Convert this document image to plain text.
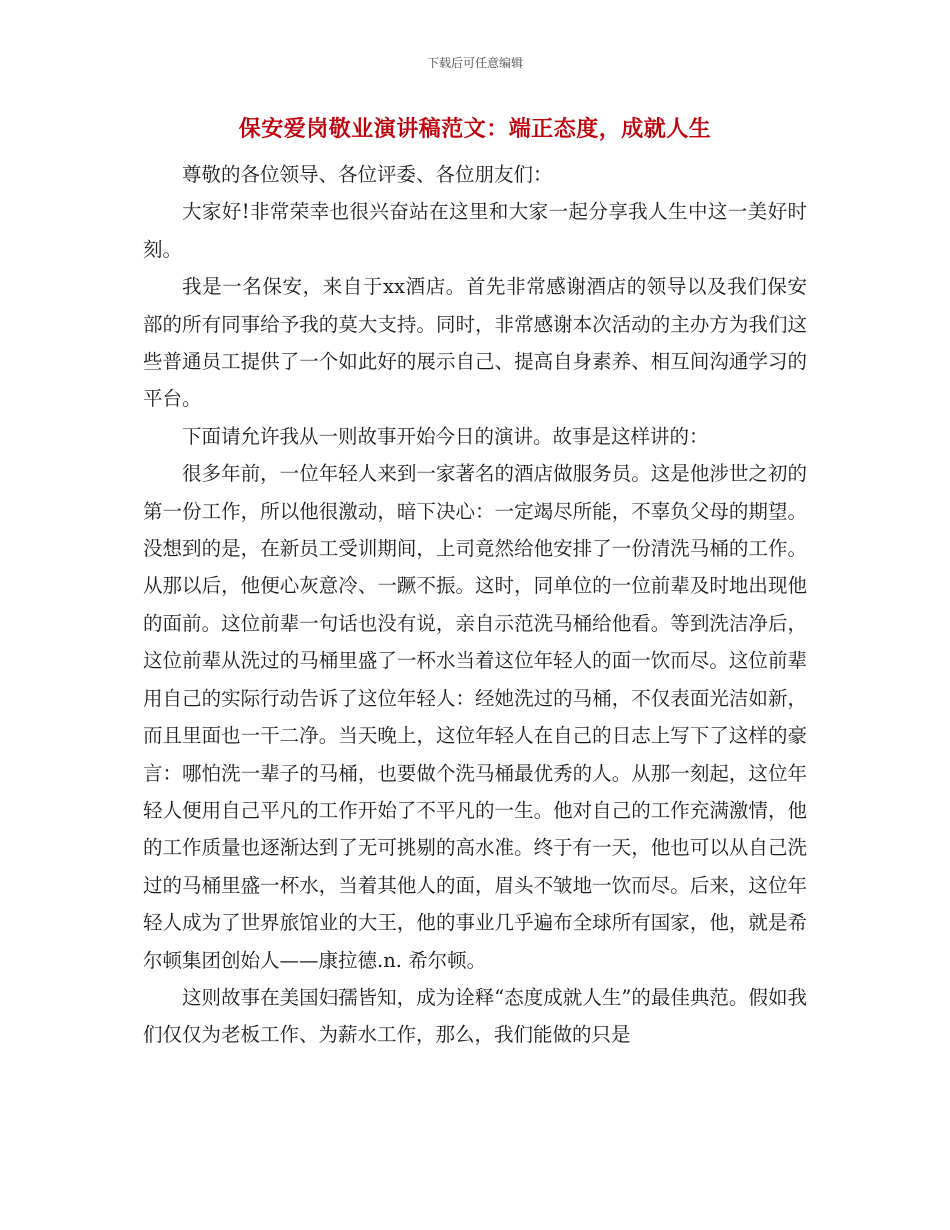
下载后可任意编辑
保安爱岗敬业演讲稿范文：端正态度，成就人生

尊敬的各位领导、各位评委、各位朋友们：

大家好!非常荣幸也很兴奋站在这里和大家一起分享我人生中这一美好时刻。

我是一名保安，来自于xx酒店。首先非常感谢酒店的领导以及我们保安部的所有同事给予我的莫大支持。同时，非常感谢本次活动的主办方为我们这些普通员工提供了一个如此好的展示自己、提高自身素养、相互间沟通学习的平台。

下面请允许我从一则故事开始今日的演讲。故事是这样讲的：

很多年前，一位年轻人来到一家著名的酒店做服务员。这是他涉世之初的第一份工作，所以他很激动，暗下决心：一定竭尽所能，不辜负父母的期望。没想到的是，在新员工受训期间，上司竟然给他安排了一份清洗马桶的工作。从那以后，他便心灰意冷、一蹶不振。这时，同单位的一位前辈及时地出现他的面前。这位前辈一句话也没有说，亲自示范洗马桶给他看。等到洗洁净后，这位前辈从洗过的马桶里盛了一杯水当着这位年轻人的面一饮而尽。这位前辈用自己的实际行动告诉了这位年轻人：经她洗过的马桶，不仅表面光洁如新，而且里面也一干二净。当天晚上，这位年轻人在自己的日志上写下了这样的豪言：哪怕洗一辈子的马桶，也要做个洗马桶最优秀的人。从那一刻起，这位年轻人便用自己平凡的工作开始了不平凡的一生。他对自己的工作充满激情，他的工作质量也逐渐达到了无可挑剔的高水准。终于有一天，他也可以从自己洗过的马桶里盛一杯水，当着其他人的面，眉头不皱地一饮而尽。后来，这位年轻人成为了世界旅馆业的大王，他的事业几乎遍布全球所有国家，他，就是希尔顿集团创始人——康拉德.n. 希尔顿。

这则故事在美国妇孺皆知，成为诠释“态度成就人生”的最佳典范。假如我们仅仅为老板工作、为薪水工作，那么，我们能做的只是
